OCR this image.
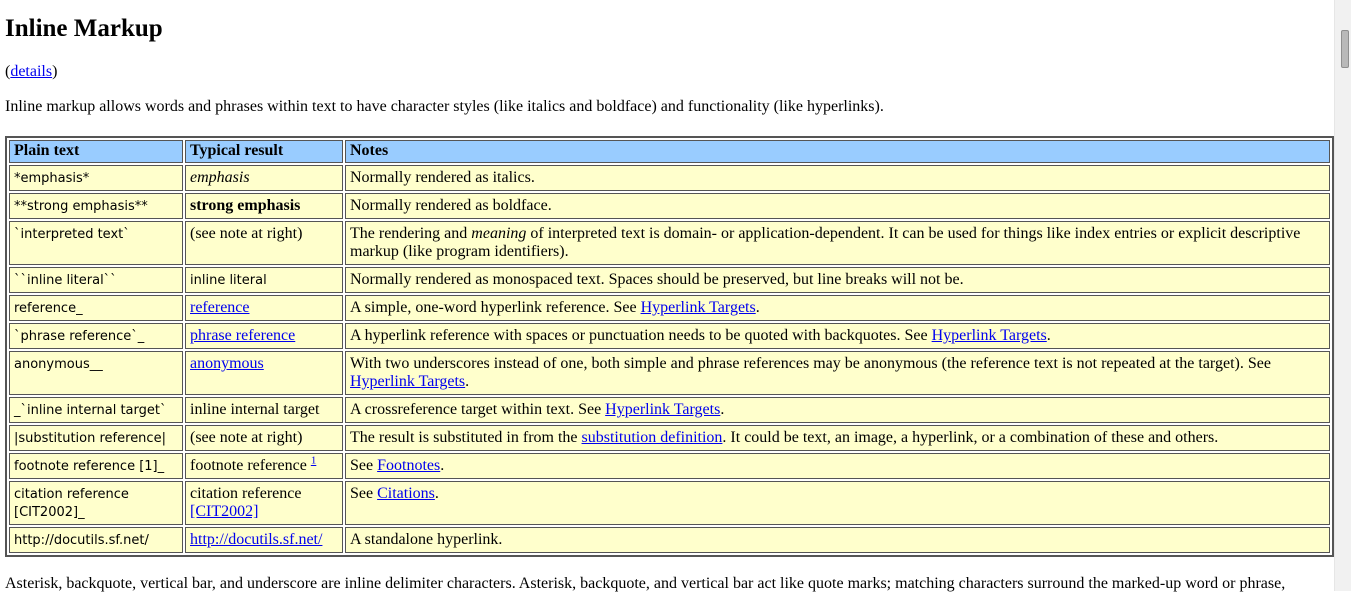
Inline Markup

(details)

Inline markup allows words and phrases within text to have character styles (like italics and boldface) and functionality (like hyperlinks).

Plain text	Typical result	Notes
*emphasis*	emphasis	Normally rendered as italics.
**strong emphasis**	strong emphasis	Normally rendered as boldface.
`interpreted text`	(see note at right)	The rendering and meaning of interpreted text is domain- or application-dependent. It can be used for things like index entries or explicit descriptive markup (like program identifiers).
``inline literal``	inline literal	Normally rendered as monospaced text. Spaces should be preserved, but line breaks will not be.
reference_	reference	A simple, one-word hyperlink reference. See Hyperlink Targets.
`phrase reference`_	phrase reference	A hyperlink reference with spaces or punctuation needs to be quoted with backquotes. See Hyperlink Targets.
anonymous__	anonymous	With two underscores instead of one, both simple and phrase references may be anonymous (the reference text is not repeated at the target). See Hyperlink Targets.
_`inline internal target`	inline internal target	A crossreference target within text. See Hyperlink Targets.
|substitution reference|	(see note at right)	The result is substituted in from the substitution definition. It could be text, an image, a hyperlink, or a combination of these and others.
footnote reference [1]_	footnote reference $^1$	See Footnotes.
citation reference [CIT2002]_	citation reference [CIT2002]	See Citations.
http://docutils.sf.net/	http://docutils.sf.net/	A standalone hyperlink.

Asterisk, backquote, vertical bar, and underscore are inline delimiter characters. Asterisk, backquote, and vertical bar act like quote marks; matching characters surround the marked-up word or phrase,
